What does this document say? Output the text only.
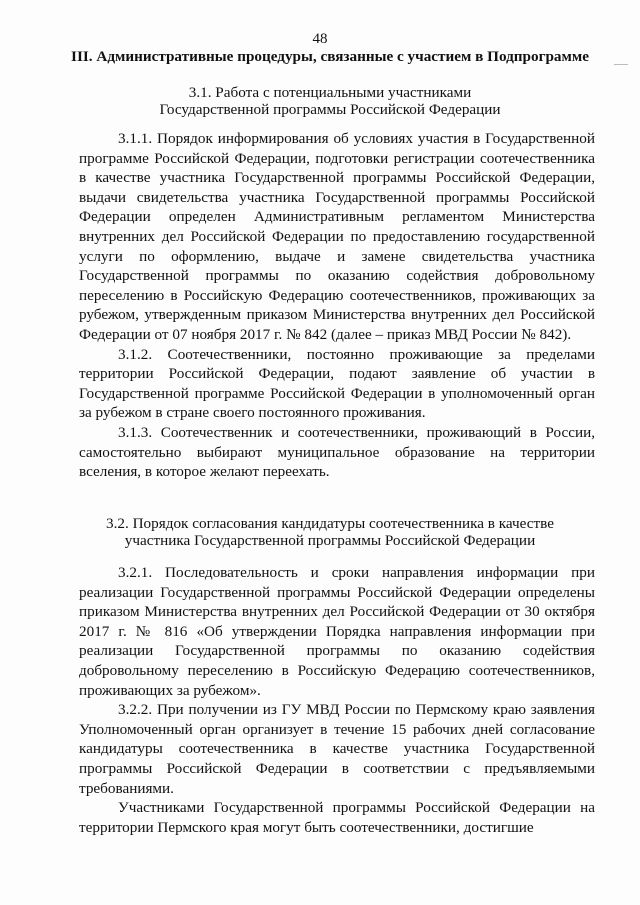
48
III. Административные процедуры, связанные с участием в Подпрограмме
3.1. Работа с потенциальными участниками
Государственной программы Российской Федерации

3.1.1. Порядок информирования об условиях участия в Государственной программе Российской Федерации, подготовки регистрации соотечественника в качестве участника Государственной программы Российской Федерации, выдачи свидетельства участника Государственной программы Российской Федерации определен Административным регламентом Министерства внутренних дел Российской Федерации по предоставлению государственной услуги по оформлению, выдаче и замене свидетельства участника Государственной программы по оказанию содействия добровольному переселению в Российскую Федерацию соотечественников, проживающих за рубежом, утвержденным приказом Министерства внутренних дел Российской Федерации от 07 ноября 2017 г. № 842 (далее – приказ МВД России № 842).

3.1.2. Соотечественники, постоянно проживающие за пределами территории Российской Федерации, подают заявление об участии в Государственной программе Российской Федерации в уполномоченный орган за рубежом в стране своего постоянного проживания.

3.1.3. Соотечественник и соотечественники, проживающий в России, самостоятельно выбирают муниципальное образование на территории вселения, в которое желают переехать.

3.2. Порядок согласования кандидатуры соотечественника в качестве
участника Государственной программы Российской Федерации

3.2.1. Последовательность и сроки направления информации при реализации Государственной программы Российской Федерации определены приказом Министерства внутренних дел Российской Федерации от 30 октября 2017 г. № 816 «Об утверждении Порядка направления информации при реализации Государственной программы по оказанию содействия добровольному переселению в Российскую Федерацию соотечественников, проживающих за рубежом».

3.2.2. При получении из ГУ МВД России по Пермскому краю заявления Уполномоченный орган организует в течение 15 рабочих дней согласование кандидатуры соотечественника в качестве участника Государственной программы Российской Федерации в соответствии с предъявляемыми требованиями.

Участниками Государственной программы Российской Федерации на территории Пермского края могут быть соотечественники, достигшие
